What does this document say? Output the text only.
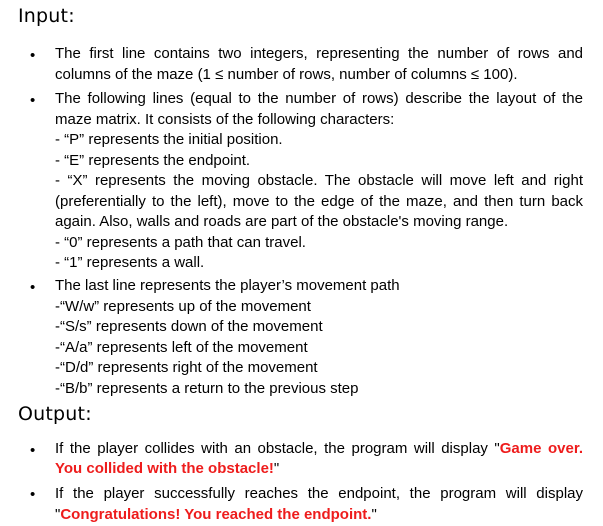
Input:
• The first line contains two integers, representing the number of rows and
columns of the maze (1 ≤ number of rows, number of columns ≤ 100).
• The following lines (equal to the number of rows) describe the layout of the
maze matrix. It consists of the following characters:
- “P” represents the initial position.
- “E” represents the endpoint.
- “X” represents the moving obstacle. The obstacle will move left and right
(preferentially to the left), move to the edge of the maze, and then turn back
again. Also, walls and roads are part of the obstacle's moving range.
- “0” represents a path that can travel.
- “1” represents a wall.
• The last line represents the player’s movement path
-“W/w” represents up of the movement
-“S/s” represents down of the movement
-“A/a” represents left of the movement
-“D/d” represents right of the movement
-“B/b” represents a return to the previous step
Output:
• If the player collides with an obstacle, the program will display "Game over.
You collided with the obstacle!"
• If the player successfully reaches the endpoint, the program will display
"Congratulations! You reached the endpoint."
